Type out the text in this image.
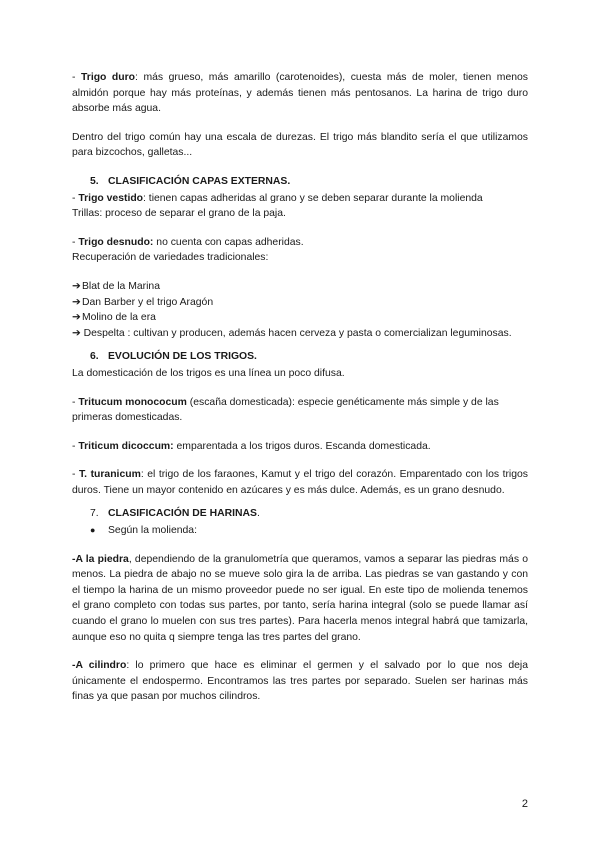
- Trigo duro: más grueso, más amarillo (carotenoides), cuesta más de moler, tienen menos almidón porque hay más proteínas, y además tienen más pentosanos. La harina de trigo duro absorbe más agua.

Dentro del trigo común hay una escala de durezas. El trigo más blandito sería el que utilizamos para bizcochos, galletas...

5. CLASIFICACIÓN CAPAS EXTERNAS.

- Trigo vestido: tienen capas adheridas al grano y se deben separar durante la molienda

Trillas: proceso de separar el grano de la paja.

- Trigo desnudo: no cuenta con capas adheridas.

Recuperación de variedades tradicionales:

➔ Blat de la Marina
➔ Dan Barber y el trigo Aragón
➔ Molino de la era

➔ Despelta : cultivan y producen, además hacen cerveza y pasta o comercializan leguminosas.

6. EVOLUCIÓN DE LOS TRIGOS.

La domesticación de los trigos es una línea un poco difusa.

- Tritucum monococum (escaña domesticada): especie genéticamente más simple y de las

primeras domesticadas.

- Triticum dicoccum: emparentada a los trigos duros. Escanda domesticada.

- T. turanicum: el trigo de los faraones, Kamut y el trigo del corazón. Emparentado con los trigos duros. Tiene un mayor contenido en azúcares y es más dulce. Además, es un grano desnudo.

7. CLASIFICACIÓN DE HARINAS.
●	Según la molienda:

-A la piedra, dependiendo de la granulometría que queramos, vamos a separar las piedras más o menos. La piedra de abajo no se mueve solo gira la de arriba. Las piedras se van gastando y con el tiempo la harina de un mismo proveedor puede no ser igual. En este tipo de molienda tenemos el grano completo con todas sus partes, por tanto, sería harina integral (solo se puede llamar así cuando el grano lo muelen con sus tres partes). Para hacerla menos integral habrá que tamizarla, aunque eso no quita q siempre tenga las tres partes del grano.

-A cilindro: lo primero que hace es eliminar el germen y el salvado por lo que nos deja únicamente el endospermo. Encontramos las tres partes por separado. Suelen ser harinas más finas ya que pasan por muchos cilindros.

2
